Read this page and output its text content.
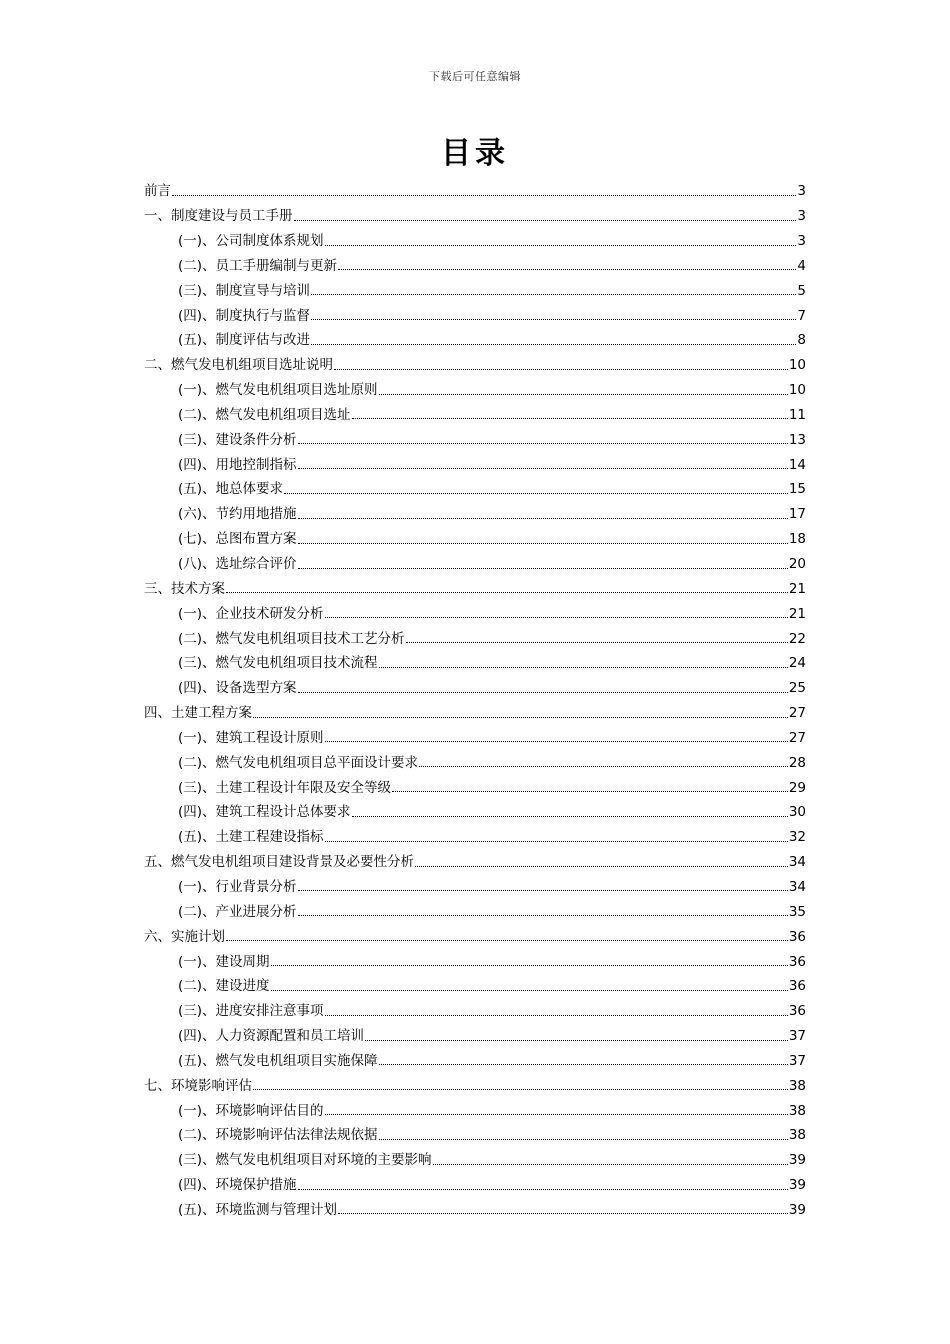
下载后可任意编辑
目录
前言	3
一、制度建设与员工手册	3
(一)、公司制度体系规划	3
(二)、员工手册编制与更新	4
(三)、制度宣导与培训	5
(四)、制度执行与监督	7
(五)、制度评估与改进	8
二、燃气发电机组项目选址说明	10
(一)、燃气发电机组项目选址原则	10
(二)、燃气发电机组项目选址	11
(三)、建设条件分析	13
(四)、用地控制指标	14
(五)、地总体要求	15
(六)、节约用地措施	17
(七)、总图布置方案	18
(八)、选址综合评价	20
三、技术方案	21
(一)、企业技术研发分析	21
(二)、燃气发电机组项目技术工艺分析	22
(三)、燃气发电机组项目技术流程	24
(四)、设备选型方案	25
四、土建工程方案	27
(一)、建筑工程设计原则	27
(二)、燃气发电机组项目总平面设计要求	28
(三)、土建工程设计年限及安全等级	29
(四)、建筑工程设计总体要求	30
(五)、土建工程建设指标	32
五、燃气发电机组项目建设背景及必要性分析	34
(一)、行业背景分析	34
(二)、产业进展分析	35
六、实施计划	36
(一)、建设周期	36
(二)、建设进度	36
(三)、进度安排注意事项	36
(四)、人力资源配置和员工培训	37
(五)、燃气发电机组项目实施保障	37
七、环境影响评估	38
(一)、环境影响评估目的	38
(二)、环境影响评估法律法规依据	38
(三)、燃气发电机组项目对环境的主要影响	39
(四)、环境保护措施	39
(五)、环境监测与管理计划	39
